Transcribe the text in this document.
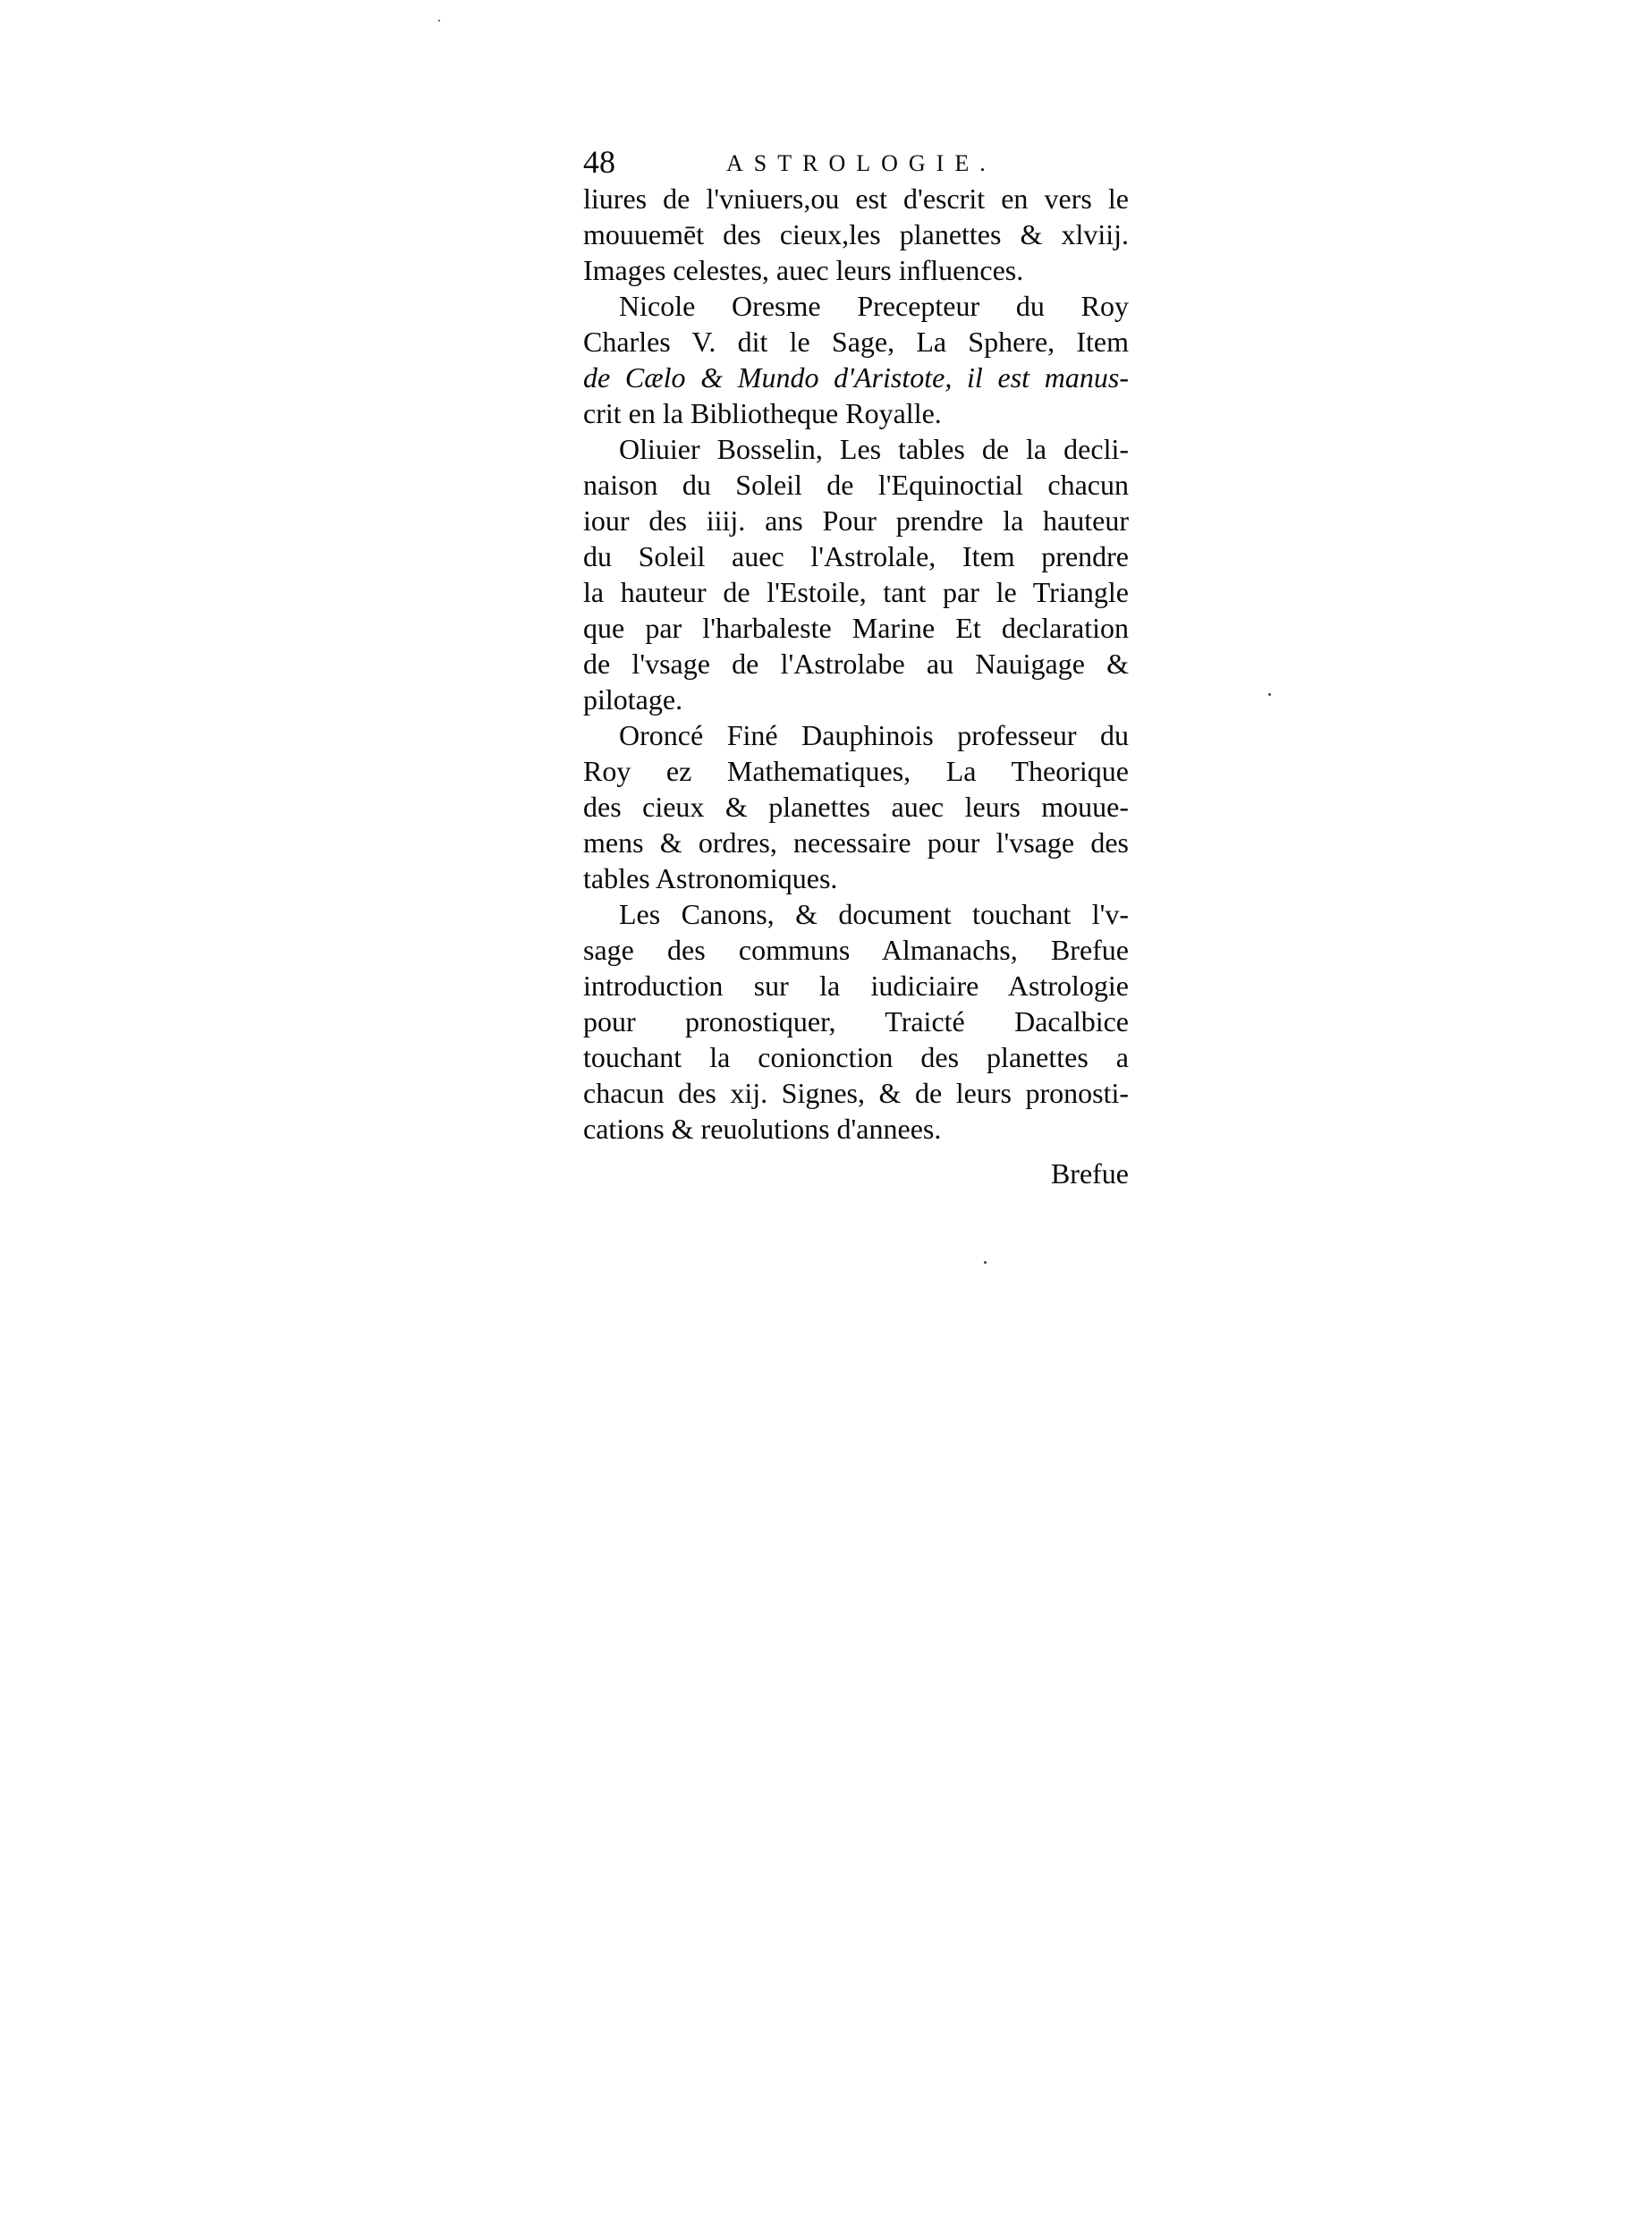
48	ASTROLOGIE.
liures de l'vniuers,ou est d'escrit en vers le
mouuemēt des cieux,les planettes & xlviij.
Images celestes, auec leurs influences.
Nicole Oresme Precepteur du Roy
Charles V. dit le Sage, La Sphere, Item
de Cælo & Mundo d'Aristote, il est manus-
crit en la Bibliotheque Royalle.
Oliuier Bosselin, Les tables de la decli-
naison du Soleil de l'Equinoctial chacun
iour des iiij. ans Pour prendre la hauteur
du Soleil auec l'Astrolale, Item prendre
la hauteur de l'Estoile, tant par le Triangle
que par l'harbaleste Marine Et declaration
de l'vsage de l'Astrolabe au Nauigage &
pilotage.
Oroncé Finé Dauphinois professeur du
Roy ez Mathematiques, La Theorique
des cieux & planettes auec leurs mouue-
mens & ordres, necessaire pour l'vsage des
tables Astronomiques.
Les Canons, & document touchant l'v-
sage des communs Almanachs, Brefue
introduction sur la iudiciaire Astrologie
pour pronostiquer, Traicté Dacalbice
touchant la conionction des planettes a
chacun des xij. Signes, & de leurs pronosti-
cations & reuolutions d'annees.
Brefue
